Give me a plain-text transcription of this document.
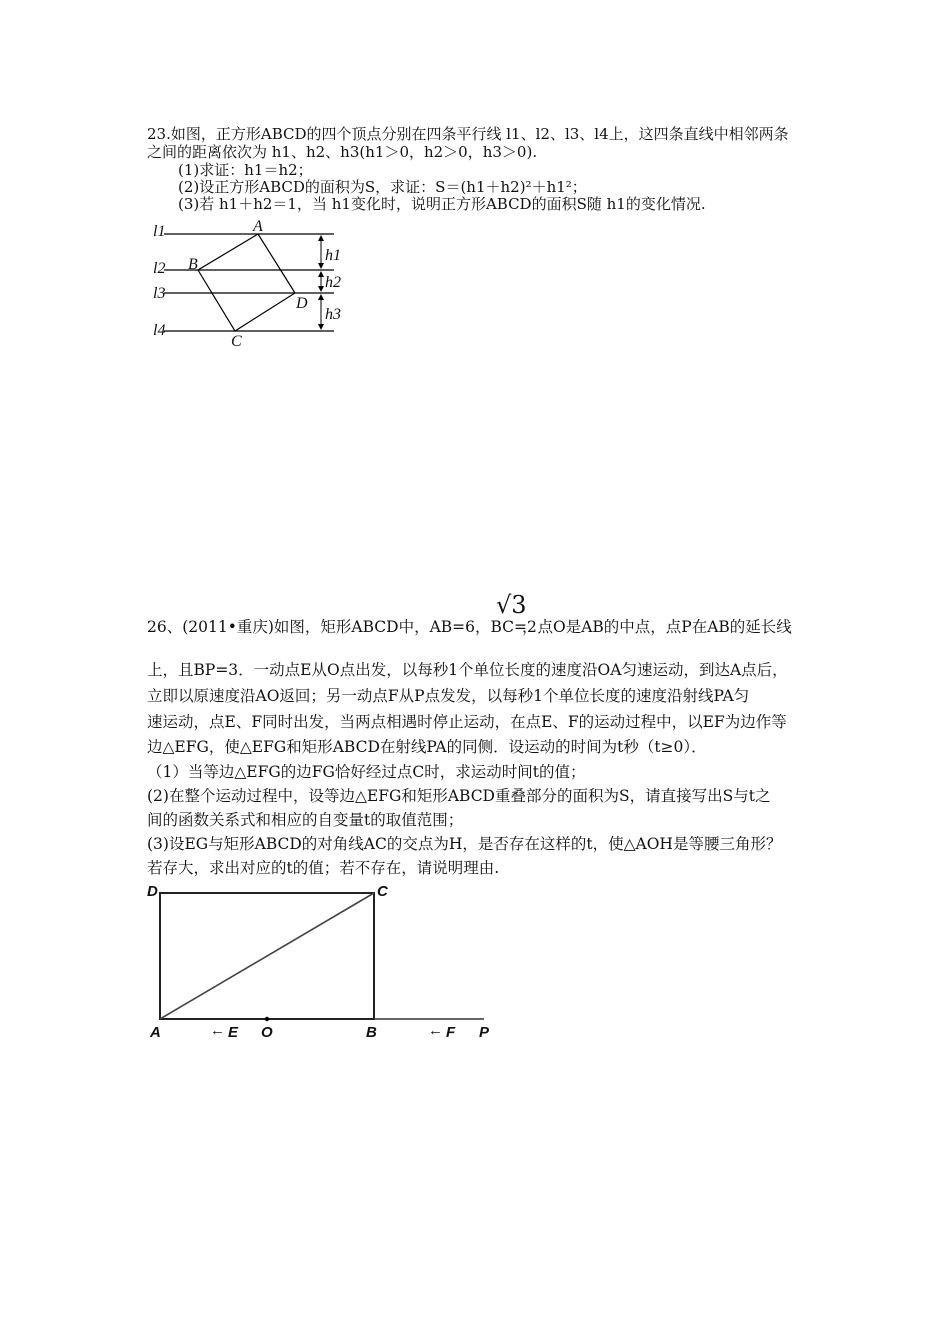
23.如图，正方形ABCD的四个顶点分别在四条平行线 l1、l2、l3、l4上，这四条直线中相邻两条
之间的距离依次为 h1、h2、h3(h1＞0，h2＞0，h3＞0).
(1)求证：h1＝h2；
(2)设正方形ABCD的面积为S，求证：S＝(h1＋h2)²＋h1²；
(3)若 h1＋h2＝1，当 h1变化时，说明正方形ABCD的面积S随 h1的变化情况.
l1
l2
l3
l4
A
B
C
D
h1
h2
h3
26、(2011•重庆)如图，矩形ABCD中，AB=6，BC=2
√3
，点O是AB的中点，点P在AB的延长线
上，且BP=3．一动点E从O点出发，以每秒1个单位长度的速度沿OA匀速运动，到达A点后，
立即以原速度沿AO返回；另一动点F从P点发发，以每秒1个单位长度的速度沿射线PA匀
速运动，点E、F同时出发，当两点相遇时停止运动，在点E、F的运动过程中，以EF为边作等
边△EFG，使△EFG和矩形ABCD在射线PA的同侧．设运动的时间为t秒（t≥0）．
（1）当等边△EFG的边FG恰好经过点C时，求运动时间t的值；
(2)在整个运动过程中，设等边△EFG和矩形ABCD重叠部分的面积为S，请直接写出S与t之
间的函数关系式和相应的自变量t的取值范围；
(3)设EG与矩形ABCD的对角线AC的交点为H，是否存在这样的t，使△AOH是等腰三角形？
若存大，求出对应的t的值；若不存在，请说明理由.
D	C
A	← E O	B	← F P
